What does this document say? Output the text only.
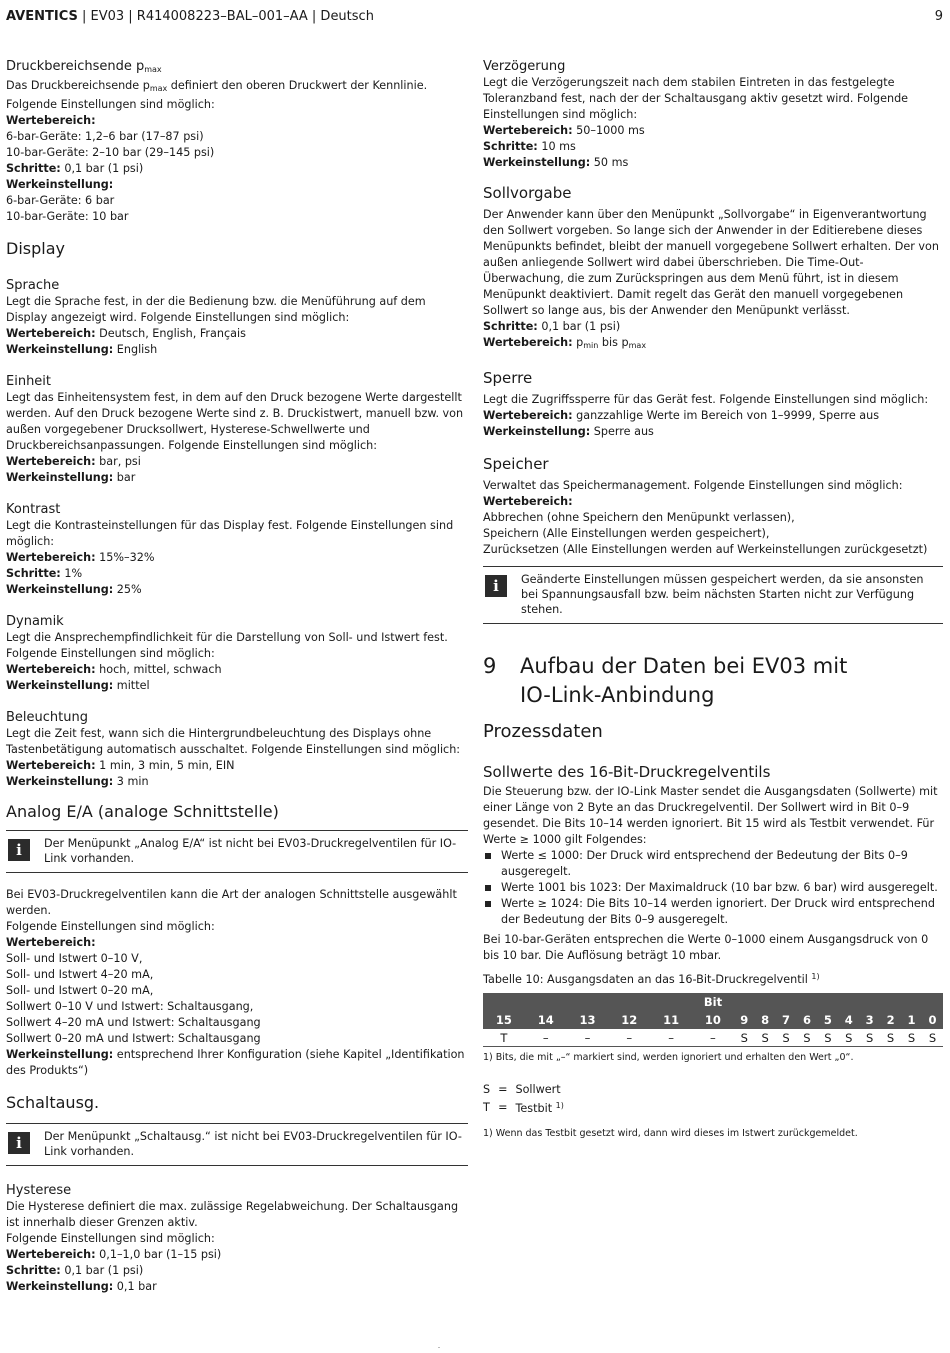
AVENTICS | EV03 | R414008223–BAL–001–AA | Deutsch	9

Druckbereichsende $p_{max}$

Das Druckbereichsende $p_{max}$ definiert den oberen Druckwert der Kennlinie.

Folgende Einstellungen sind möglich:

Wertebereich:

6-bar-Geräte: 1,2–6 bar (17–87 psi)

10-bar-Geräte: 2–10 bar (29–145 psi)

Schritte: 0,1 bar (1 psi)

Werkeinstellung:

6-bar-Geräte: 6 bar

10-bar-Geräte: 10 bar

Display

Sprache

Legt die Sprache fest, in der die Bedienung bzw. die Menüführung auf dem Display angezeigt wird. Folgende Einstellungen sind möglich:

Wertebereich: Deutsch, English, Français

Werkeinstellung: English

Einheit

Legt das Einheitensystem fest, in dem auf den Druck bezogene Werte dargestellt werden. Auf den Druck bezogene Werte sind z. B. Druckistwert, manuell bzw. von außen vorgegebener Drucksollwert, Hysterese-Schwellwerte und Druckbereichsanpassungen. Folgende Einstellungen sind möglich:

Wertebereich: bar, psi

Werkeinstellung: bar

Kontrast

Legt die Kontrasteinstellungen für das Display fest. Folgende Einstellungen sind möglich:

Wertebereich: 15%–32%

Schritte: 1%

Werkeinstellung: 25%

Dynamik

Legt die Ansprechempfindlichkeit für die Darstellung von Soll- und Istwert fest. Folgende Einstellungen sind möglich:

Wertebereich: hoch, mittel, schwach

Werkeinstellung: mittel

Beleuchtung

Legt die Zeit fest, wann sich die Hintergrundbeleuchtung des Displays ohne Tastenbetätigung automatisch ausschaltet. Folgende Einstellungen sind möglich:

Wertebereich: 1 min, 3 min, 5 min, EIN

Werkeinstellung: 3 min

Analog E/A (analoge Schnittstelle)

i	Der Menüpunkt „Analog E/A“ ist nicht bei EV03-Druckregelventilen für IO-Link vorhanden.

Bei EV03-Druckregelventilen kann die Art der analogen Schnittstelle ausgewählt werden.

Folgende Einstellungen sind möglich:

Wertebereich:

Soll- und Istwert 0–10 V,

Soll- und Istwert 4–20 mA,

Soll- und Istwert 0–20 mA,

Sollwert 0–10 V und Istwert: Schaltausgang,

Sollwert 4–20 mA und Istwert: Schaltausgang

Sollwert 0–20 mA und Istwert: Schaltausgang

Werkeinstellung: entsprechend Ihrer Konfiguration (siehe Kapitel „Identifikation des Produkts“)

Schaltausg.

i	Der Menüpunkt „Schaltausg.“ ist nicht bei EV03-Druckregelventilen für IO-Link vorhanden.

Hysterese

Die Hysterese definiert die max. zulässige Regelabweichung. Der Schaltausgang ist innerhalb dieser Grenzen aktiv.

Folgende Einstellungen sind möglich:

Wertebereich: 0,1–1,0 bar (1–15 psi)

Schritte: 0,1 bar (1 psi)

Werkeinstellung: 0,1 bar

Verzögerung

Legt die Verzögerungszeit nach dem stabilen Eintreten in das festgelegte Toleranzband fest, nach der der Schaltausgang aktiv gesetzt wird. Folgende Einstellungen sind möglich:

Wertebereich: 50–1000 ms

Schritte: 10 ms

Werkeinstellung: 50 ms

Sollvorgabe

Der Anwender kann über den Menüpunkt „Sollvorgabe“ in Eigenverantwortung den Sollwert vorgeben. So lange sich der Anwender in der Editierebene dieses Menüpunkts befindet, bleibt der manuell vorgegebene Sollwert erhalten. Der von außen anliegende Sollwert wird dabei überschrieben. Die Time-Out-Überwachung, die zum Zurückspringen aus dem Menü führt, ist in diesem Menüpunkt deaktiviert. Damit regelt das Gerät den manuell vorgegebenen Sollwert so lange aus, bis der Anwender den Menüpunkt verlässt.

Schritte: 0,1 bar (1 psi)

Wertebereich: $p_{min}$ bis $p_{max}$

Sperre

Legt die Zugriffssperre für das Gerät fest. Folgende Einstellungen sind möglich:

Wertebereich: ganzzahlige Werte im Bereich von 1–9999, Sperre aus

Werkeinstellung: Sperre aus

Speicher

Verwaltet das Speichermanagement. Folgende Einstellungen sind möglich:

Wertebereich:

Abbrechen (ohne Speichern den Menüpunkt verlassen),

Speichern (Alle Einstellungen werden gespeichert),

Zurücksetzen (Alle Einstellungen werden auf Werkeinstellungen zurückgesetzt)

i	Geänderte Einstellungen müssen gespeichert werden, da sie ansonsten bei Spannungsausfall bzw. beim nächsten Starten nicht zur Verfügung stehen.
9	Aufbau der Daten bei EV03 mit
IO-Link-Anbindung

Prozessdaten

Sollwerte des 16-Bit-Druckregelventils

Die Steuerung bzw. der IO-Link Master sendet die Ausgangsdaten (Sollwerte) mit einer Länge von 2 Byte an das Druckregelventil. Der Sollwert wird in Bit 0–9 gesendet. Die Bits 10–14 werden ignoriert. Bit 15 wird als Testbit verwendet. Für Werte ≥ 1000 gilt Folgendes:

Werte ≤ 1000: Der Druck wird entsprechend der Bedeutung der Bits 0–9 ausgeregelt.
Werte 1001 bis 1023: Der Maximaldruck (10 bar bzw. 6 bar) wird ausgeregelt.
Werte ≥ 1024: Die Bits 10–14 werden ignoriert. Der Druck wird entsprechend der Bedeutung der Bits 0–9 ausgeregelt.

Bei 10-bar-Geräten entsprechen die Werte 0–1000 einem Ausgangsdruck von 0 bis 10 bar. Die Auflösung beträgt 10 mbar.

Tabelle 10: Ausgangsdaten an das 16-Bit-Druckregelventil $^{1)}$

Bit															
15	14	13	12	11	10	9	8	7	6	5	4	3	2	1	0
T	–	–	–	–	–	S	S	S	S	S	S	S	S	S	S

1) Bits, die mit „–“ markiert sind, werden ignoriert und erhalten den Wert „0“.

S	=	Sollwert
T	=	Testbit $^{1)}$

1) Wenn das Testbit gesetzt wird, dann wird dieses im Istwert zurückgemeldet.
